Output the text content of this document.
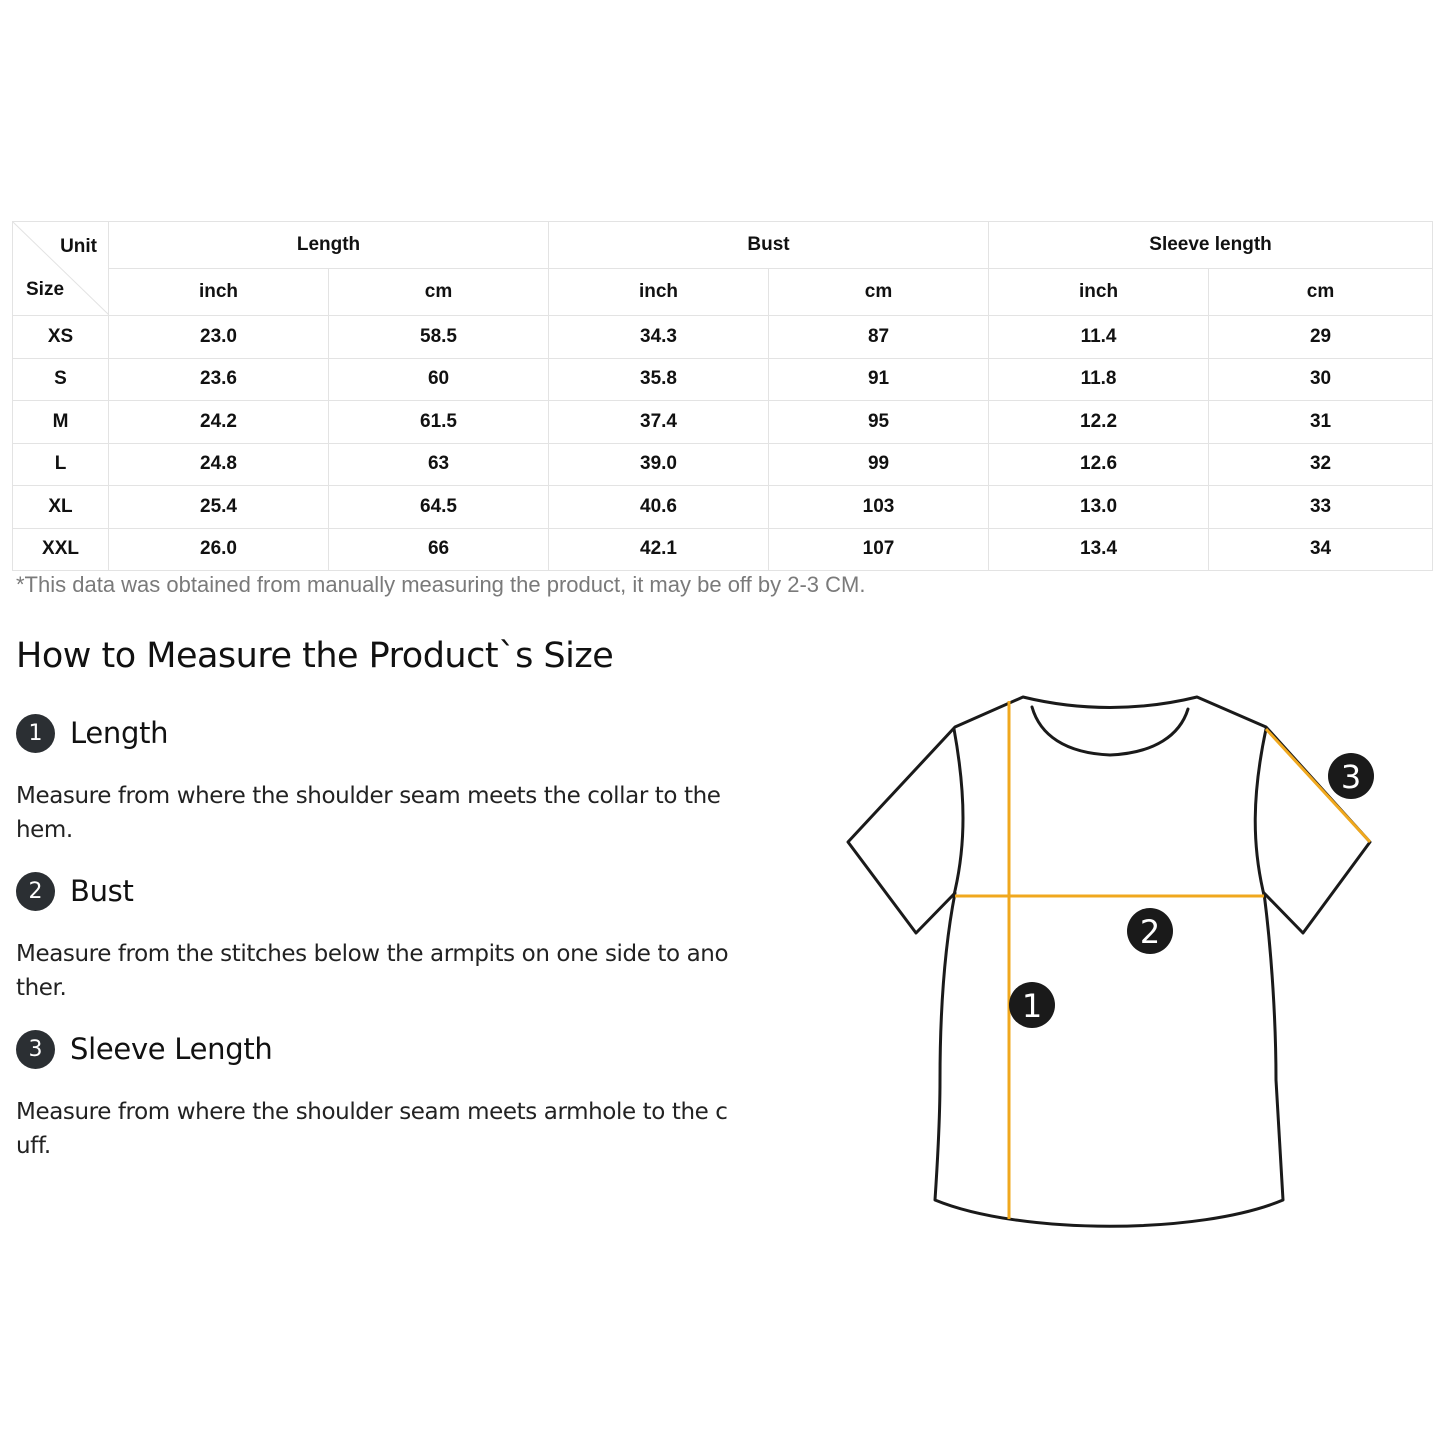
Unit
Size	Length		Bust		Sleeve length	
	inch	cm	inch	cm	inch	cm
XS	23.0	58.5	34.3	87	11.4	29
S	23.6	60	35.8	91	11.8	30
M	24.2	61.5	37.4	95	12.2	31
L	24.8	63	39.0	99	12.6	32
XL	25.4	64.5	40.6	103	13.0	33
XXL	26.0	66	42.1	107	13.4	34
*This data was obtained from manually measuring the product, it may be off by 2-3 CM.
How to Measure the Product`s Size
1 Length
Measure from where the shoulder seam meets the collar to the hem.
2 Bust
Measure from the stitches below the armpits on one side to another.
3 Sleeve Length
Measure from where the shoulder seam meets armhole to the cuff.
1
2
3
